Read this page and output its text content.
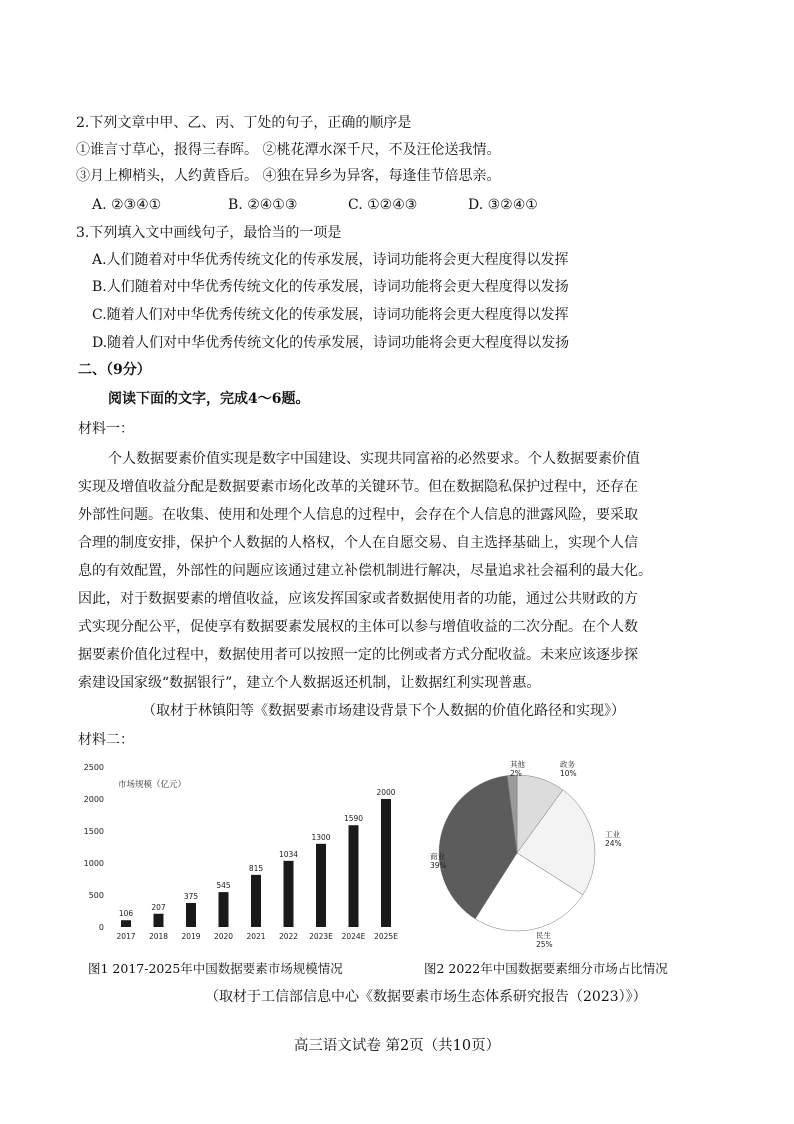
2.下列文章中甲、乙、丙、丁处的句子，正确的顺序是
①谁言寸草心，报得三春晖。 ②桃花潭水深千尺，不及汪伦送我情。
③月上柳梢头，人约黄昏后。 ④独在异乡为异客，每逢佳节倍思亲。
A. ②③④①	B. ②④①③	C. ①②④③	D. ③②④①
3.下列填入文中画线句子，最恰当的一项是
A.人们随着对中华优秀传统文化的传承发展，诗词功能将会更大程度得以发挥
B.人们随着对中华优秀传统文化的传承发展，诗词功能将会更大程度得以发扬
C.随着人们对中华优秀传统文化的传承发展，诗词功能将会更大程度得以发挥
D.随着人们对中华优秀传统文化的传承发展，诗词功能将会更大程度得以发扬
二、（9分）
阅读下面的文字，完成4～6题。
材料一：
个人数据要素价值实现是数字中国建设、实现共同富裕的必然要求。个人数据要素价值
实现及增值收益分配是数据要素市场化改革的关键环节。但在数据隐私保护过程中，还存在
外部性问题。在收集、使用和处理个人信息的过程中，会存在个人信息的泄露风险，要采取
合理的制度安排，保护个人数据的人格权，个人在自愿交易、自主选择基础上，实现个人信
息的有效配置，外部性的问题应该通过建立补偿机制进行解决，尽量追求社会福利的最大化。
因此，对于数据要素的增值收益，应该发挥国家或者数据使用者的功能，通过公共财政的方
式实现分配公平，促使享有数据要素发展权的主体可以参与增值收益的二次分配。在个人数
据要素价值化过程中，数据使用者可以按照一定的比例或者方式分配收益。未来应该逐步探
索建设国家级“数据银行”，建立个人数据返还机制，让数据红利实现普惠。
（取材于林镇阳等《数据要素市场建设背景下个人数据的价值化路径和实现》）
材料二：
0
500
1000
1500
2000
2500
106
207
375
545
815
1034
1300
1590
2000
2017 2018 2019 2020 2021 2022 2023E 2024E 2025E
市场规模（亿元）
政务
10%
工业
24%
民生
25%
商业
39%
其他
2%
图1 2017-2025年中国数据要素市场规模情况	图2 2022年中国数据要素细分市场占比情况
（取材于工信部信息中心《数据要素市场生态体系研究报告（2023）》）
高三语文试卷 第2页（共10页）
